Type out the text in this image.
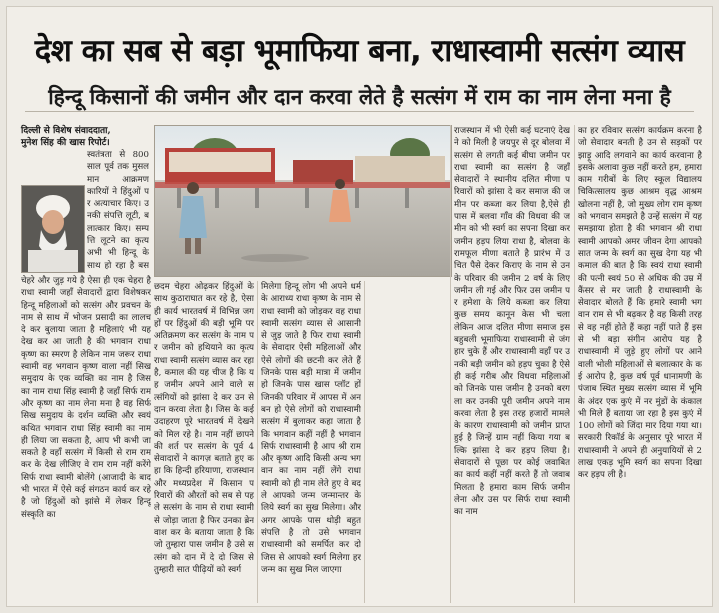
देश का सब से बड़ा भूमाफिया बना, राधास्वामी सत्संग व्यास
हिन्दू किसानों की जमीन और दान करवा लेते है सत्संग में राम का नाम लेना मना है
दिल्ली से विशेष संवाददाता,
मुनेश सिंह की खास रिपोर्ट।
स्वतंत्रता से 800 साल पूर्व तक मुसलमान आक्रमणकारियों ने हिंदुओं पर अत्याचार किए। उनकी संपत्ति लूटी, बलात्कार किए। सम्पत्ति लूटने का कृत्य अभी भी हिन्दू के साथ हो रहा है बस
चेहरे और जुड़ गये है ऐसा ही एक चेहरा है राधा स्वामी जहाँ सेवादारों द्वारा विशेषकर हिन्दू महिलाओं को सत्संग और प्रवचन के नाम से साथ में भोजन प्रसादी का लालच दे कर बुलाया जाता है महिलाएं भी यह देख कर आ जाती है की भगवान राधा कृष्ण का स्मरण है लेकिन नाम जरूर राधा स्वामी वह भगवान कृष्ण वाला नहीं सिख समुदाय के एक व्यक्ति का नाम है जिस का नाम राधा सिंह स्वामी है जहाँ सिर्फ राम और कृष्ण का नाम लेना मना है वह सिर्फ सिख समुदाय के दर्शन व्यक्ति और स्वयं कथित भगवान राधा सिंह स्वामी का नाम ही लिया जा सकता है, आप भी कभी जा सकते है वहाँ सत्संग में किसी से राम राम कर के देख लीजिए वे राम राम नहीं करेंगे सिर्फ राधा स्वामी बोलेंगे (आजादी के बाद भी भारत में ऐसे कई संगठन कार्य कर रहे है जो हिंदुओं को झांसे में लेकर हिन्दू संस्कृति का
छदम चेहरा ओढ़कर हिंदुओं के साथ कुठाराघात कर रहे है, ऐसा ही कार्य भारतवर्ष में विभिन्न जगहों पर हिंदुओं की बड़ी भूमि पर अतिक्रमण कर सत्संग के नाम पर जमीन को हथियाने का कृत्य राधा स्वामी सत्संग व्यास कर रहा है, कमाल की यह चीज है कि यह जमीन अपने आने वाले सत्संगियों को झांसा दे कर उन से दान करवा लेता है। जिस के कई उदाहरण पूरे भारतवर्ष में देखने को मिल रहे है। नाम नहीं छापने की शर्त पर सत्संग के पूर्व 4 सेवादारों ने कागज़ बताते हुए कहा कि हिन्दी हरियाणा, राजस्थान और मध्यप्रदेश में किसान परिवारों की औरतों को सब से पहले सत्संग के नाम से राधा स्वामी से जोड़ा जाता है फिर उनका ब्रेनवाश कर के बताया जाता है कि जो तुम्हारा पास जमीन है उसे सत्संग को दान में दे दो जिस से तुम्हारी सात पीढ़ियों को स्वर्ग
मिलेगा हिन्दू लोग भी अपने धर्म के आराध्य राधा कृष्ण के नाम से राधा स्वामी को जोड़कर वह राधा स्वामी सत्संग व्यास से आसानी से जुड़ जाते है फिर राधा स्वामी के सेवादार ऐसी महिलाओं और ऐसे लोगों की छटनी कर लेते हैं जिनके पास बड़ी मात्रा में जमीन हो जिनके पास खास प्लॉट हों जिनकी परिवार में आपस में अनबन हो ऐसे लोगों को राधास्वामी सत्संग में बुलाकर कहा जाता है कि भगवान कहीं नहीं है भगवान सिर्फ राधास्वामी है आप श्री राम और कृष्ण आदि किसी अन्य भगवान का नाम नहीं लेंगे राधा स्वामी को ही नाम लेते हुए वे बदले आपको जन्म जन्मान्तर के लिये स्वर्ग का सुख मिलेगा। और अगर आपके पास थोड़ी बहुत संपत्ति है तो उसे भगवान राधास्वामी को समर्पित कर दो जिस से आपको स्वर्ग मिलेगा हर जन्म का सुख मिल जाएगा
राजस्थान में भी ऐसी कई घटनाएं देखने को मिली है जयपुर से दूर बोलवा में सत्संग से लगती कई बीघा जमीन पर राधा स्वामी का सत्संग है जहाँ सेवादारों ने स्थानीय दलित मीणा परिवारों को झांसा दे कर समाज की जमीन पर कब्जा कर लिया है,ऐसे ही पास में बलवा गाँव की विधवा की जमीन को भी स्वर्ग का सपना दिखा कर जमीन हड़प लिया राधा है, बोलवा के रामफूल मीणा बताते है प्रारंभ में उचित पैसे देकर किराए के नाम से उनके परिवार की जमीन 2 वर्ष के लिए जमीन ली गई और फिर उस जमीन पर हमेशा के लिये कब्जा कर लिया कुछ समय कानून केस भी चला लेकिन आज दलित मीणा समाज इस बहुबली भूमाफिया राधास्वामी से जंग हार चुके हैं और राधास्वामी वहाँ पर उनकी बड़ी जमीन को हड़प चुका है ऐसे ही कई गरीब और विधवा महिलाओं को जिनके पास जमीन है उनको बरगला कर उनकी पूरी जमीन अपने नाम करवा लेता है इस तरह हजारों मामले के कारण राधास्वामी को जमीन प्राप्त हुई है जिन्हें ग्राम नहीं किया गया बल्कि झांसा दे कर हड़प लिया है। सेवादारों से पूछा पर कोई जवाबित का कार्य कहीं नहीं करते हैं तो जवाब मिलता है हमारा काम सिर्फ जमीन लेना और उस पर सिर्फ राधा स्वामी का नाम
का हर रविवार सत्संग कार्यक्रम करना है जो सेवादार बनती है उन से सड़कों पर झाड़ू आदि लगवाने का कार्य करवाना है इसके अलावा कुछ नहीं करते हम, हमारा काम गरीबों के लिए स्कूल विद्यालय चिकित्सालय कुछ आश्रम वृद्ध आश्रम खोलना नहीं है, जो मुख्य लोग राम कृष्ण को भगवान समझते है उन्हें सत्संग में यह समझाया होता है की भगवान श्री राधा स्वामी आपको अमर जीवन देगा आपको सात जन्म के स्वर्ग का सुख देगा यह भी कमाल की बात है कि स्वयं राधा स्वामी की पत्नी स्वयं 50 से अधिक की उम्र में कैंसर से मर जाती है राधास्वामी के सेवादार बोलते हैं कि हमारे स्वामी भगवान राम से भी बढ़कर है वह किसी तरह से वह नहीं होते हैं कहा नहीं पाते हैं इससे भी बड़ा संगीन आरोप यह है राधास्वामी में जुड़े हुए लोगों पर आने वाली भोली महिलाओं से बलात्कार के कई आरोप है, कुछ वर्ष पूर्व धानामणी के पंजाब स्थित मुख्य सत्संग व्यास में भूमि के अंदर एक कुएं में नर मुंडों के कंकाल भी मिले हैं बताया जा रहा है इस कुएं में 100 लोगों को जिंदा मार दिया गया था। सरकारी रिकॉर्ड के अनुसार पूरे भारत में राधास्वामी ने अपने ही अनुयायियों से 2 लाख एकड़ भूमि स्वर्ग का सपना दिखा कर हड़प ली है।
